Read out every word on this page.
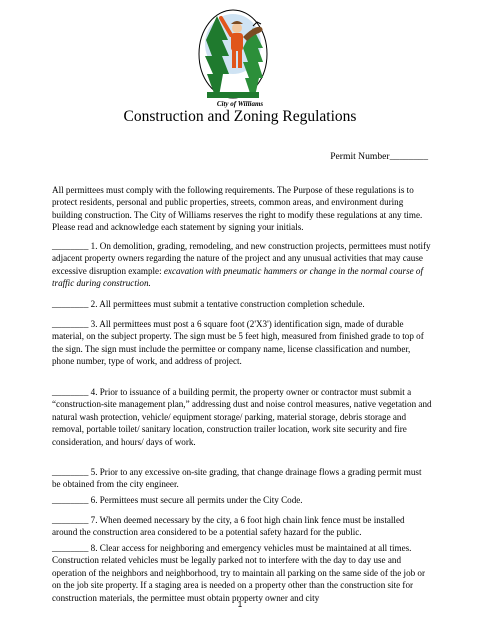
City of Williams
Construction and Zoning Regulations
Permit Number________

All permittees must comply with the following requirements. The Purpose of these regulations is to protect residents, personal and public properties, streets, common areas, and environment during building construction. The City of Williams reserves the right to modify these regulations at any time. Please read and acknowledge each statement by signing your initials.

________ 1. On demolition, grading, remodeling, and new construction projects, permittees must notify adjacent property owners regarding the nature of the project and any unusual activities that may cause excessive disruption example: excavation with pneumatic hammers or change in the normal course of traffic during construction.

________ 2. All permittees must submit a tentative construction completion schedule.

________ 3. All permittees must post a 6 square foot (2'X3') identification sign, made of durable material, on the subject property. The sign must be 5 feet high, measured from finished grade to top of the sign. The sign must include the permittee or company name, license classification and number, phone number, type of work, and address of project.

________ 4. Prior to issuance of a building permit, the property owner or contractor must submit a “construction-site management plan,” addressing dust and noise control measures, native vegetation and natural wash protection, vehicle/ equipment storage/ parking, material storage, debris storage and removal, portable toilet/ sanitary location, construction trailer location, work site security and fire consideration, and hours/ days of work.

________ 5. Prior to any excessive on-site grading, that change drainage flows a grading permit must be obtained from the city engineer.

________ 6. Permittees must secure all permits under the City Code.

________ 7. When deemed necessary by the city, a 6 foot high chain link fence must be installed around the construction area considered to be a potential safety hazard for the public.

________ 8. Clear access for neighboring and emergency vehicles must be maintained at all times. Construction related vehicles must be legally parked not to interfere with the day to day use and operation of the neighbors and neighborhood, try to maintain all parking on the same side of the job or on the job site property. If a staging area is needed on a property other than the construction site for construction materials, the permittee must obtain property owner and city

1
